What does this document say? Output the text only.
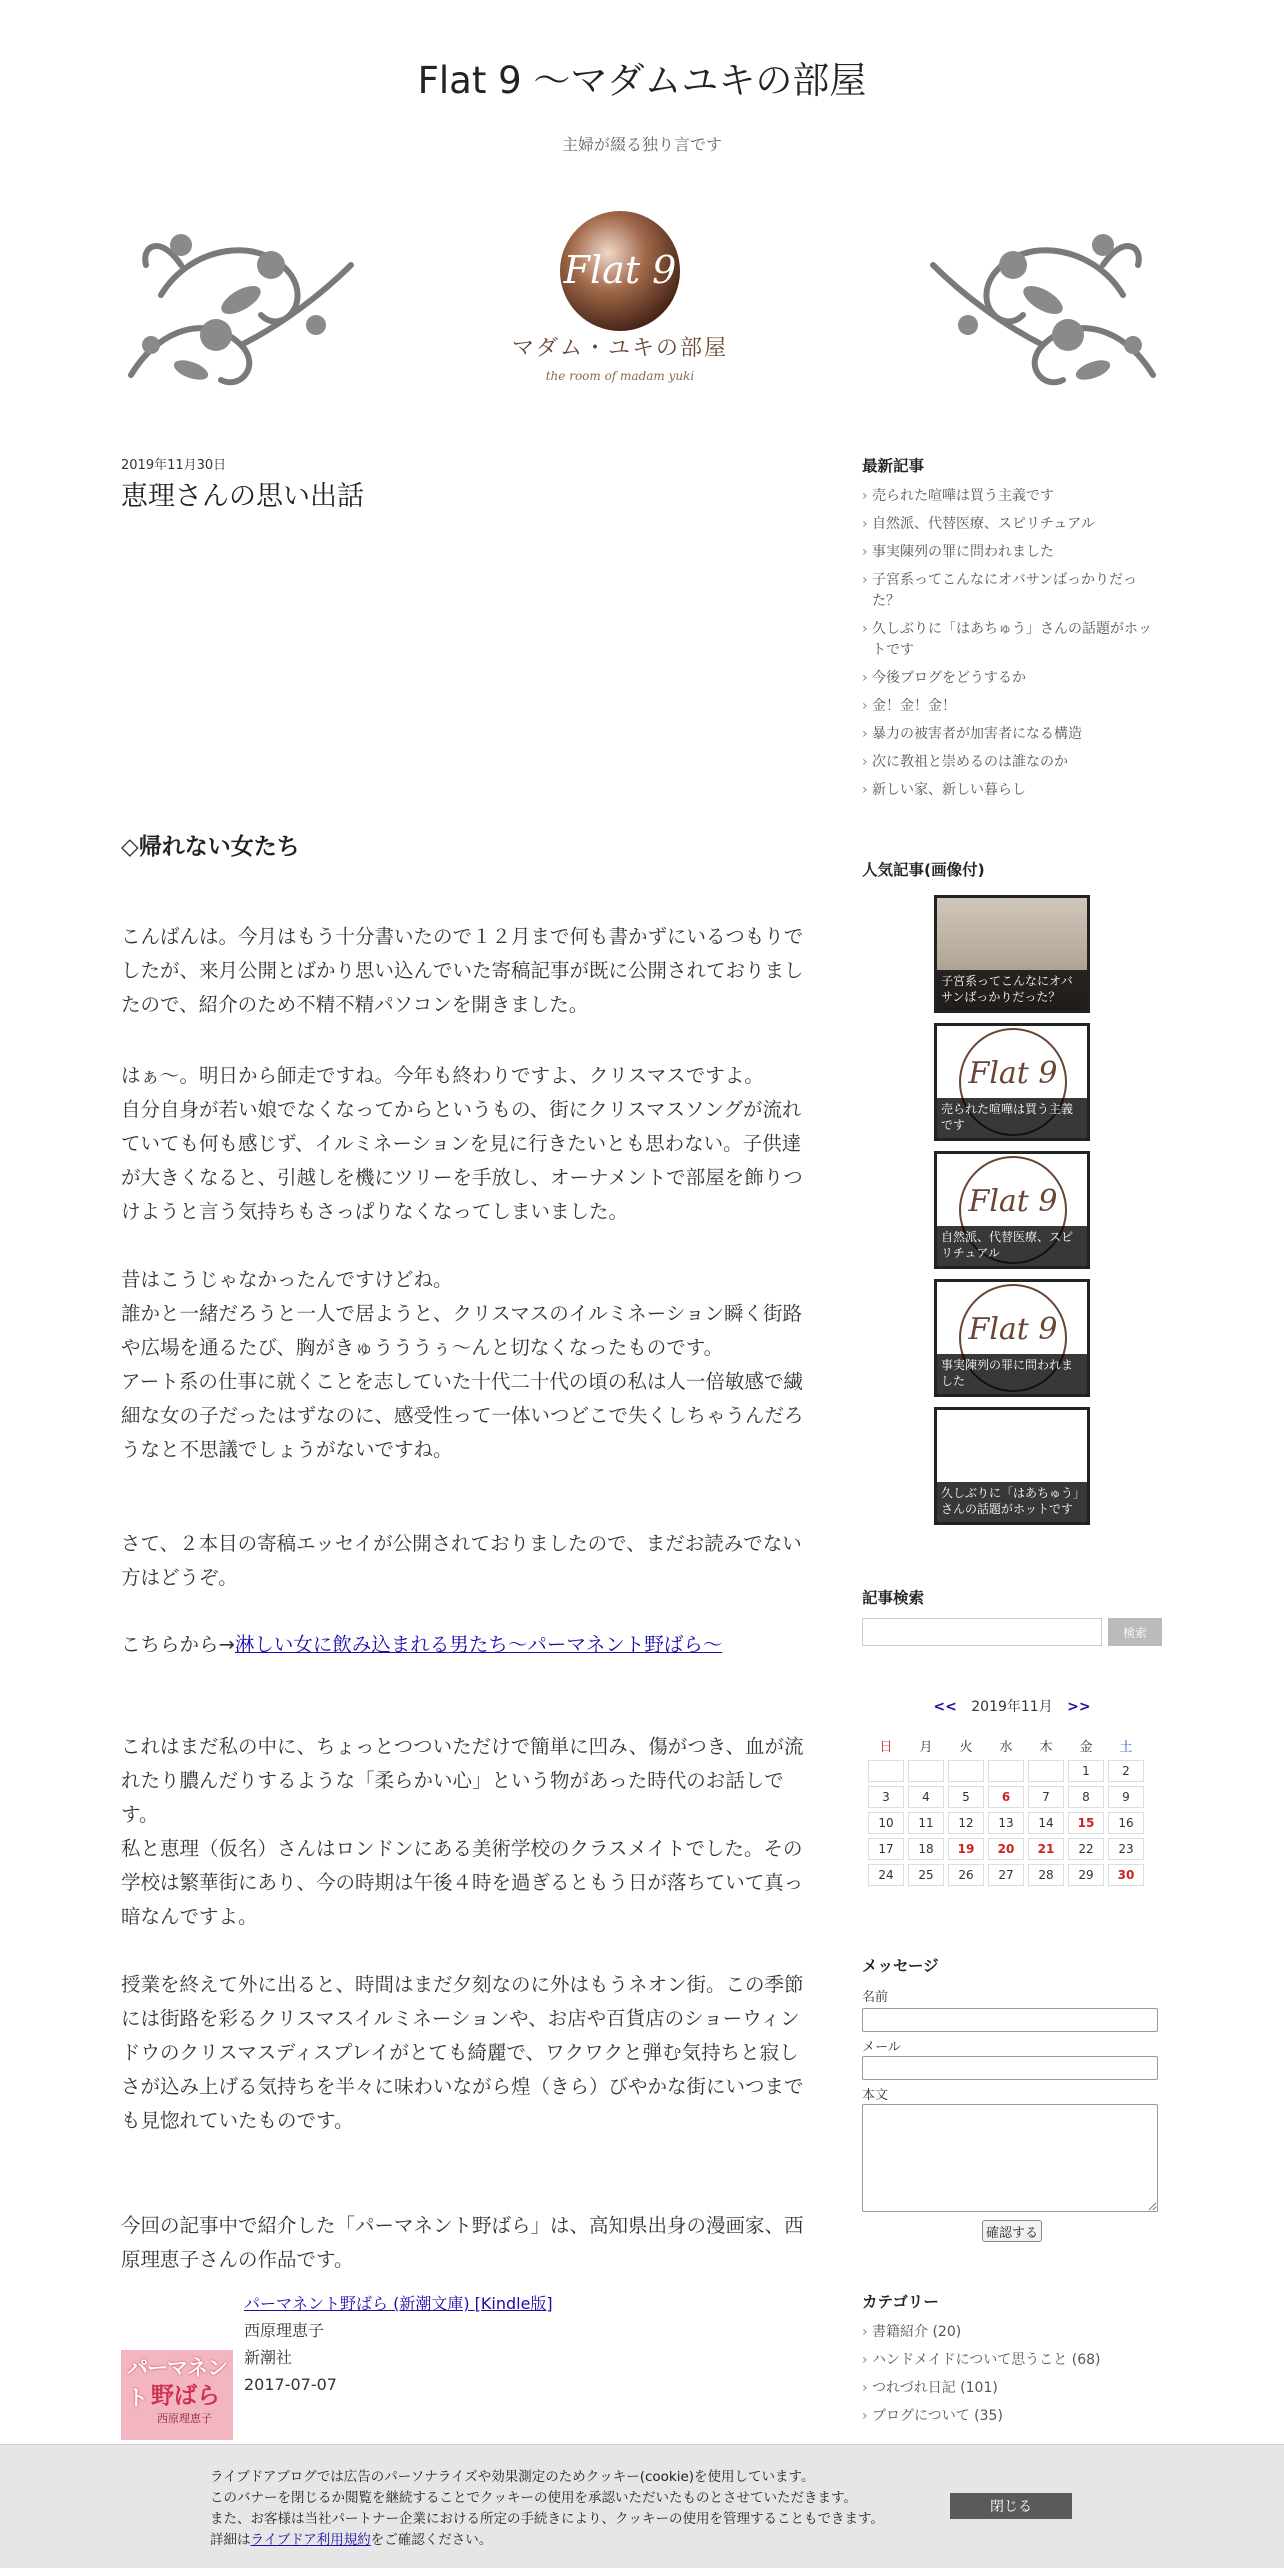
Flat 9 〜マダムユキの部屋
主婦が綴る独り言です
Flat 9
マダム・ユキの部屋
the room of madam yuki
2019年11月30日
恵理さんの思い出話
◇帰れない女たち

こんばんは。今月はもう十分書いたので１２月まで何も書かずにいるつもりでしたが、来月公開とばかり思い込んでいた寄稿記事が既に公開されておりましたので、紹介のため不精不精パソコンを開きました。

はぁ〜。明日から師走ですね。今年も終わりですよ、クリスマスですよ。
自分自身が若い娘でなくなってからというもの、街にクリスマスソングが流れていても何も感じず、イルミネーションを見に行きたいとも思わない。子供達が大きくなると、引越しを機にツリーを手放し、オーナメントで部屋を飾りつけようと言う気持ちもさっぱりなくなってしまいました。

昔はこうじゃなかったんですけどね。
誰かと一緒だろうと一人で居ようと、クリスマスのイルミネーション瞬く街路や広場を通るたび、胸がきゅうううぅ〜んと切なくなったものです。
アート系の仕事に就くことを志していた十代二十代の頃の私は人一倍敏感で繊細な女の子だったはずなのに、感受性って一体いつどこで失くしちゃうんだろうなと不思議でしょうがないですね。

さて、２本目の寄稿エッセイが公開されておりましたので、まだお読みでない方はどうぞ。

こちらから→淋しい女に飲み込まれる男たち〜パーマネント野ばら〜

これはまだ私の中に、ちょっとつついただけで簡単に凹み、傷がつき、血が流れたり膿んだりするような「柔らかい心」という物があった時代のお話しです。
私と恵理（仮名）さんはロンドンにある美術学校のクラスメイトでした。その学校は繁華街にあり、今の時期は午後４時を過ぎるともう日が落ちていて真っ暗なんですよ。

授業を終えて外に出ると、時間はまだ夕刻なのに外はもうネオン街。この季節には街路を彩るクリスマスイルミネーションや、お店や百貨店のショーウィンドウのクリスマスディスプレイがとても綺麗で、ワクワクと弾む気持ちと寂しさが込み上げる気持ちを半々に味わいながら煌（きら）びやかな街にいつまでも見惚れていたものです。

今回の記事中で紹介した「パーマネント野ばら」は、高知県出身の漫画家、西原理恵子さんの作品です。

パーマネント 野ばら
西原理恵子
パーマネント野ばら (新潮文庫) [Kindle版]
西原理恵子
新潮社
2017-07-07
最新記事
› 売られた喧嘩は買う主義です
› 自然派、代替医療、スピリチュアル
› 事実陳列の罪に問われました
› 子宮系ってこんなにオバサンばっかりだった？
› 久しぶりに「はあちゅう」さんの話題がホットです
› 今後ブログをどうするか
› 金！金！金！
› 暴力の被害者が加害者になる構造
› 次に教祖と崇めるのは誰なのか
› 新しい家、新しい暮らし
人気記事(画像付)
子宮系ってこんなにオバサンばっかりだった？
Flat 9
売られた喧嘩は買う主義です
Flat 9
自然派、代替医療、スピリチュアル
Flat 9
事実陳列の罪に問われました
久しぶりに「はあちゅう」さんの話題がホットです
記事検索
検索
<< 2019年11月 >>
日	月	火	水	木	金	土
					1	2
3	4	5	6	7	8	9
10	11	12	13	14	15	16
17	18	19	20	21	22	23
24	25	26	27	28	29	30
メッセージ
名前
メール
本文
確認する
カテゴリー
› 書籍紹介 (20)
› ハンドメイドについて思うこと (68)
› つれづれ日記 (101)
› ブログについて (35)
ライブドアブログでは広告のパーソナライズや効果測定のためクッキー(cookie)を使用しています。
このバナーを閉じるか閲覧を継続することでクッキーの使用を承認いただいたものとさせていただきます。
また、お客様は当社パートナー企業における所定の手続きにより、クッキーの使用を管理することもできます。
詳細はライブドア利用規約をご確認ください。
閉じる
